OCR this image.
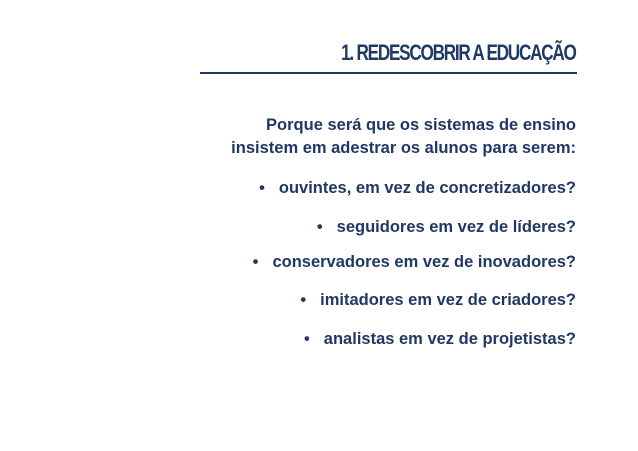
1. REDESCOBRIR A EDUCAÇÃO
Porque será que os sistemas de ensino
insistem em adestrar os alunos para serem:
• ouvintes, em vez de concretizadores?
• seguidores em vez de líderes?
• conservadores em vez de inovadores?
• imitadores em vez de criadores?
• analistas em vez de projetistas?
